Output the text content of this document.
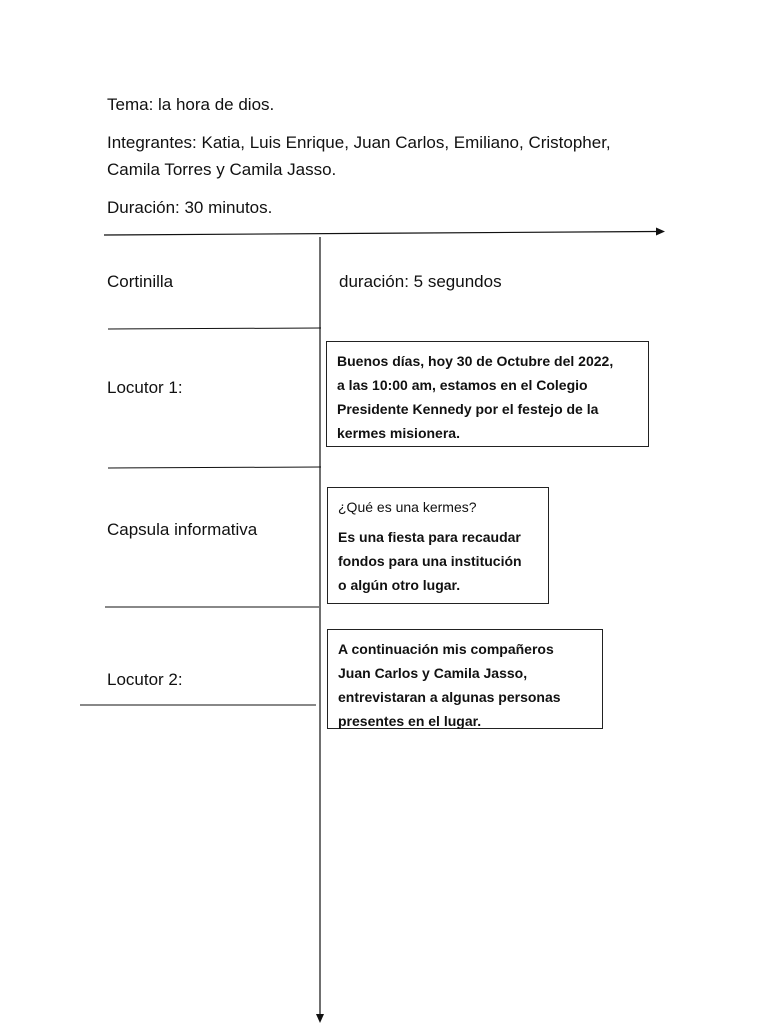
Tema: la hora de dios.
Integrantes: Katia, Luis Enrique, Juan Carlos, Emiliano, Cristopher,
Camila Torres y Camila Jasso.
Duración: 30 minutos.
Cortinilla	duración: 5 segundos
Locutor 1:

Buenos días, hoy 30 de Octubre del 2022,

a las 10:00 am, estamos en el Colegio

Presidente Kennedy por el festejo de la

kermes misionera.

Capsula informativa

¿Qué es una kermes?

Es una fiesta para recaudar

fondos para una institución

o algún otro lugar.

Locutor 2:

A continuación mis compañeros

Juan Carlos y Camila Jasso,

entrevistaran a algunas personas

presentes en el lugar.
